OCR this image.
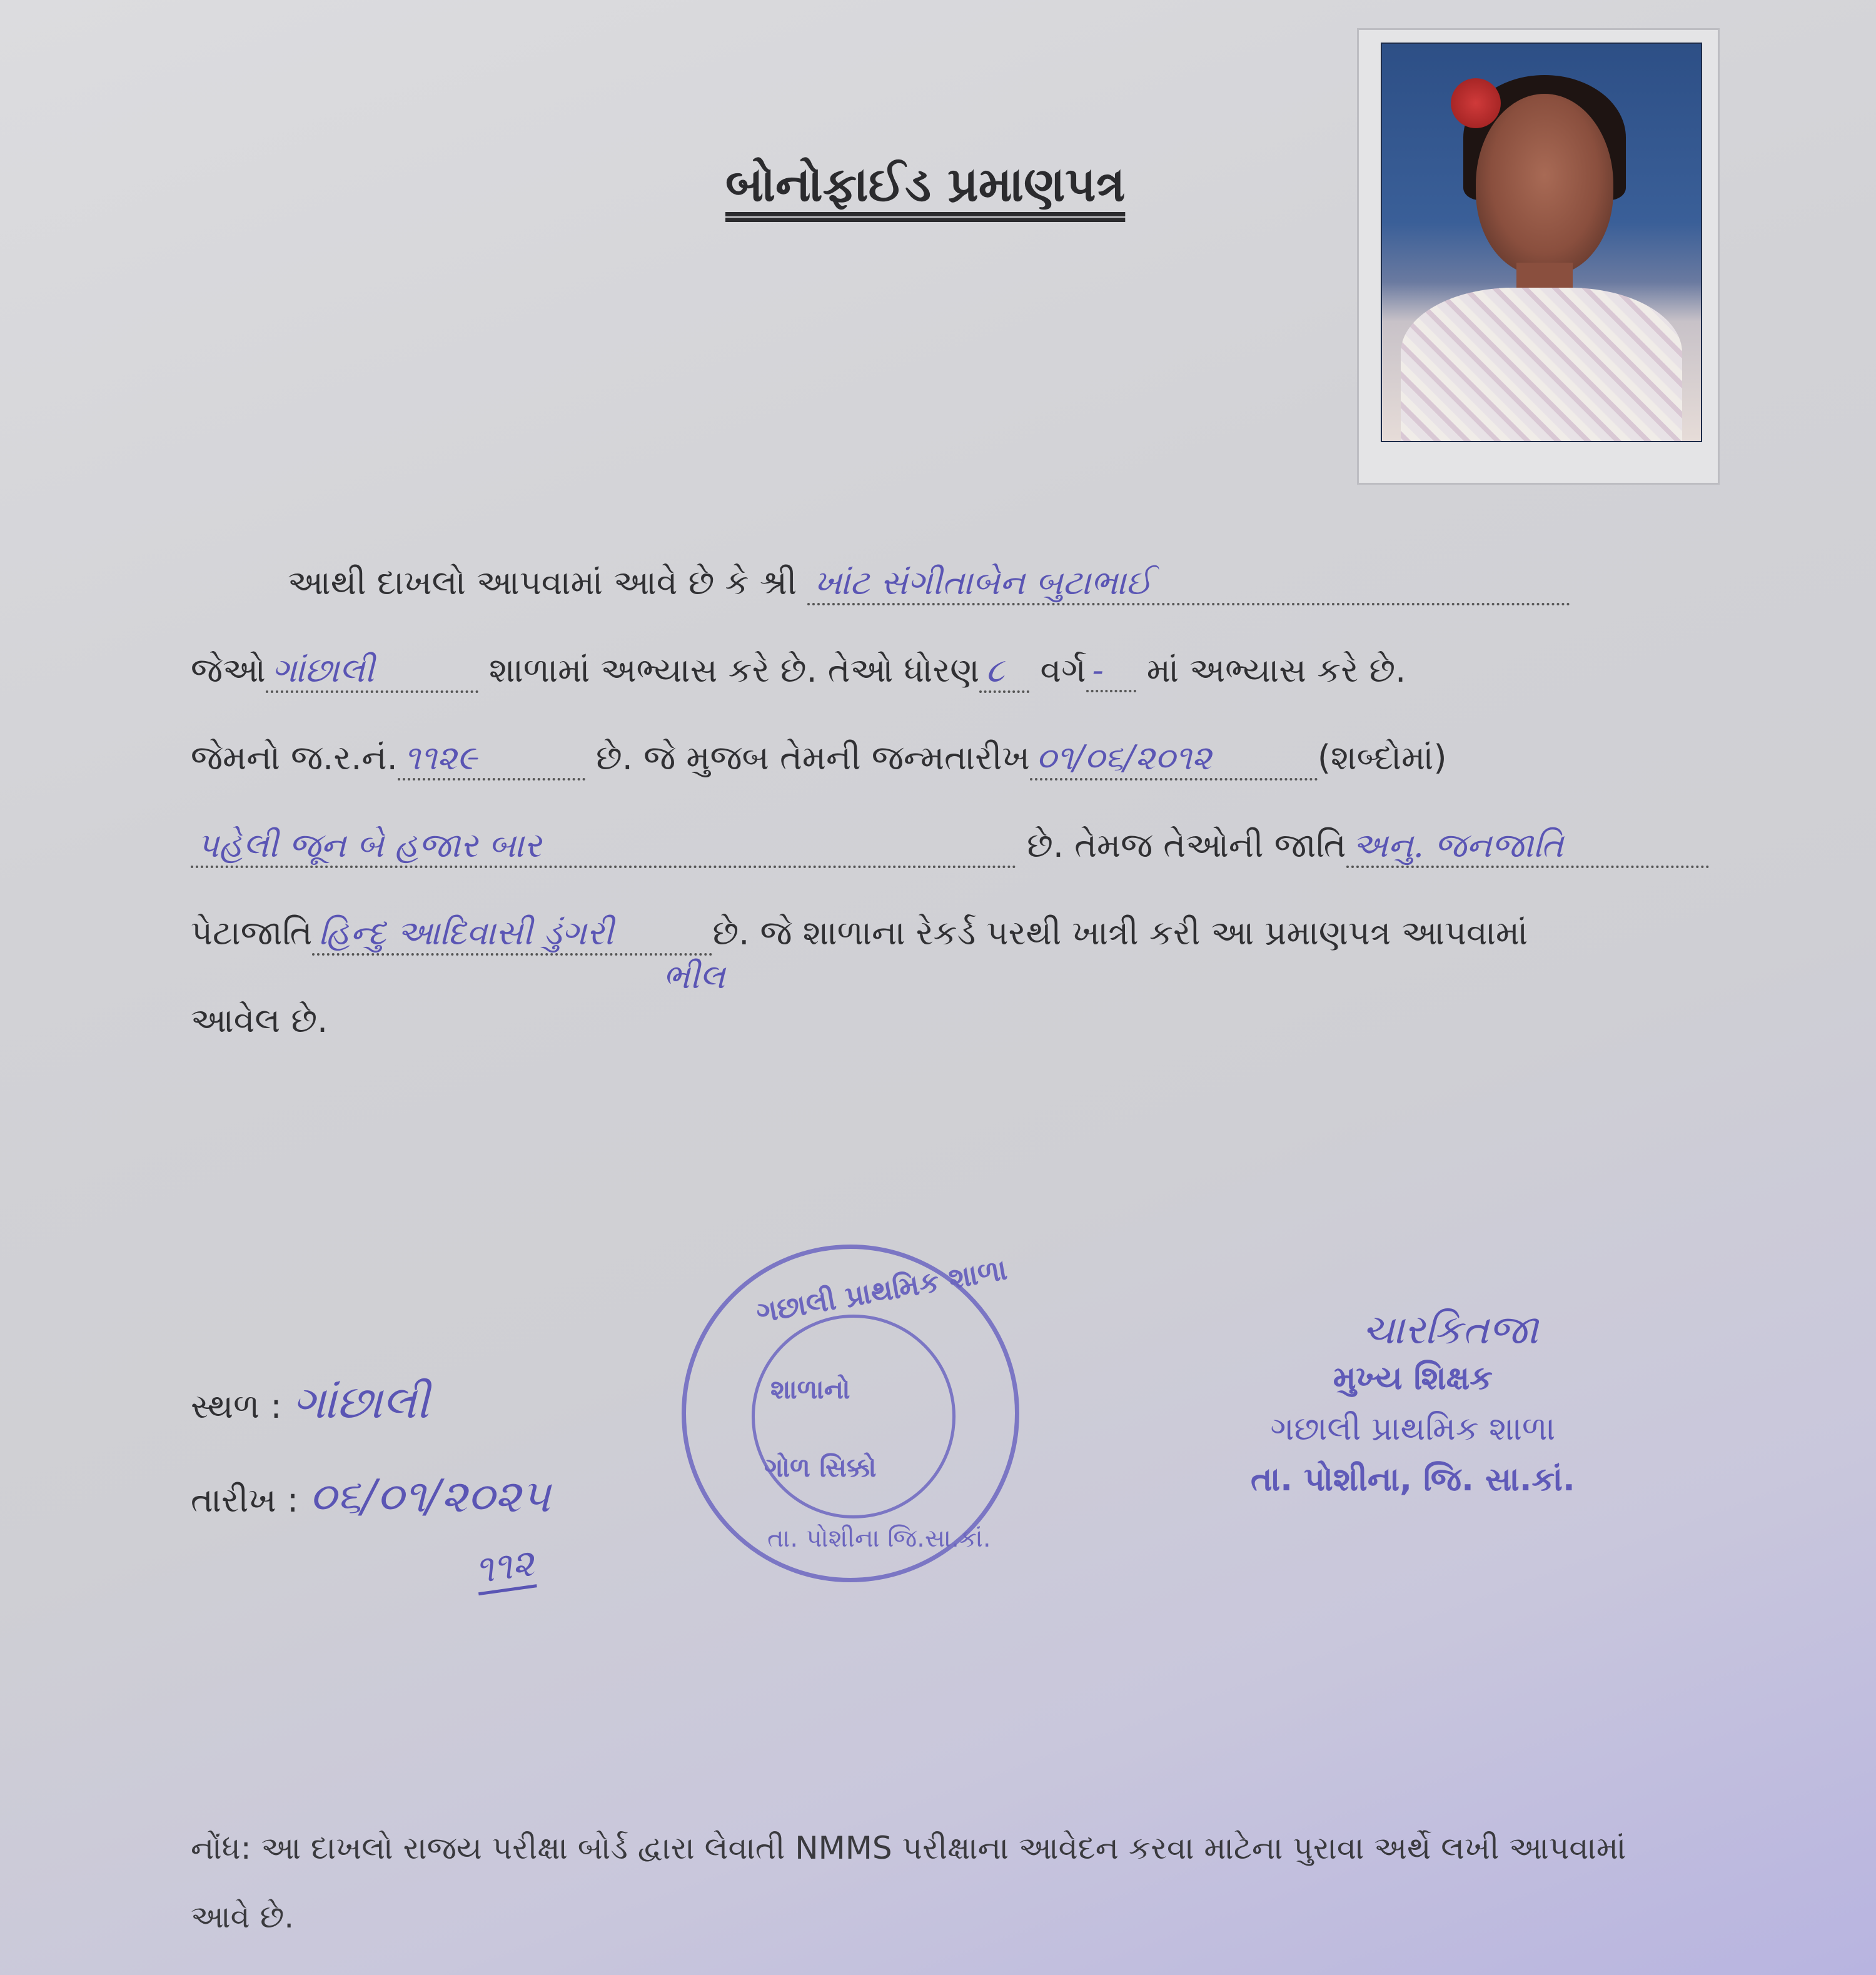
બોનોફાઈડ પ્રમાણપત્ર
આથી દાખલો આપવામાં આવે છે કે શ્રી ખાંટ સંગીતાબેન બુટાભાઈ
જેઓ ગાંછાલી	શાળામાં અભ્યાસ કરે છે. તેઓ ધોરણ ૮ વર્ગ - માં અભ્યાસ કરે છે.
જેમનો જ.ર.નં. ૧૧૨૯	છે. જે મુજબ તેમની જન્મતારીખ ૦૧/૦૬/૨૦૧૨	(શબ્દોમાં)
પહેલી જૂન બે હજાર બાર	છે. તેમજ તેઓની જાતિ અનુ. જનજાતિ
પેટાજાતિ હિન્દુ આદિવાસી ડુંગરી	છે. જે શાળાના રેકર્ડ પરથી ખાત્રી કરી આ પ્રમાણપત્ર આપવામાં
ભીલ
આવેલ છે.
સ્થળ : ગાંછાલી
તારીખ : ૦૬/૦૧/૨૦૨૫
૧૧૨
ગછાલી પ્રાથમિક શાળા
શાળાનો
ગોળ સિક્કો
તા. પોશીના જિ.સા.કાં.
ચારકિતજા
મુખ્ય શિક્ષક
ગછાલી પ્રાથમિક શાળા
તા. પોશીના, જિ. સા.કાં.
નોંધ: આ દાખલો રાજય પરીક્ષા બોર્ડ દ્વારા લેવાતી NMMS પરીક્ષાના આવેદન કરવા માટેના પુરાવા અર્થે લખી આપવામાં આવે છે.
